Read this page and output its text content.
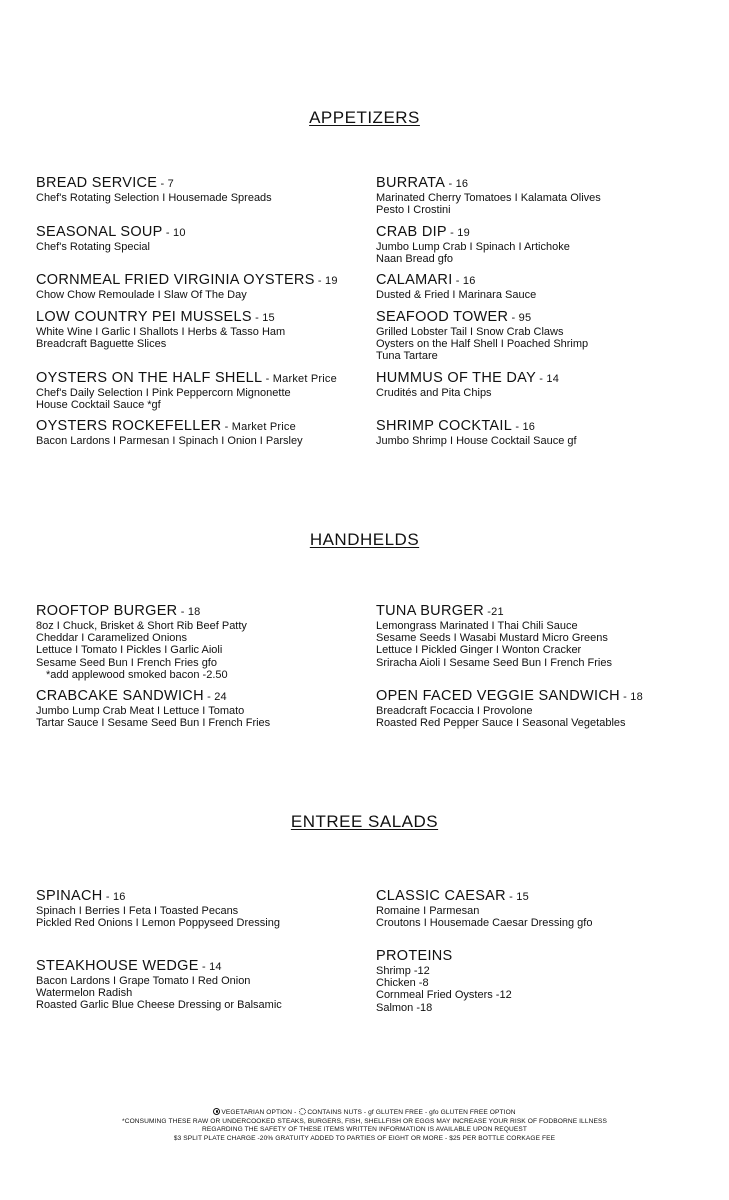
APPETIZERS
BREAD SERVICE - 7
Chef's Rotating Selection I Housemade Spreads
SEASONAL SOUP - 10
Chef's Rotating Special
CORNMEAL FRIED VIRGINIA OYSTERS - 19
Chow Chow Remoulade I Slaw Of The Day
LOW COUNTRY PEI MUSSELS - 15
White Wine I Garlic I Shallots I Herbs & Tasso Ham
Breadcraft Baguette Slices
OYSTERS ON THE HALF SHELL - Market Price
Chef's Daily Selection I Pink Peppercorn Mignonette
House Cocktail Sauce *gf
OYSTERS ROCKEFELLER - Market Price
Bacon Lardons I Parmesan I Spinach I Onion I Parsley
BURRATA - 16
Marinated Cherry Tomatoes I Kalamata Olives
Pesto I Crostini
CRAB DIP - 19
Jumbo Lump Crab I Spinach I Artichoke
Naan Bread gfo
CALAMARI - 16
Dusted & Fried I Marinara Sauce
SEAFOOD TOWER - 95
Grilled Lobster Tail I Snow Crab Claws
Oysters on the Half Shell I Poached Shrimp
Tuna Tartare
HUMMUS OF THE DAY - 14
Crudités and Pita Chips
SHRIMP COCKTAIL - 16
Jumbo Shrimp I House Cocktail Sauce gf
HANDHELDS
ROOFTOP BURGER - 18
8oz I Chuck, Brisket & Short Rib Beef Patty
Cheddar I Caramelized Onions
Lettuce I Tomato I Pickles I Garlic Aioli
Sesame Seed Bun I French Fries gfo
*add applewood smoked bacon -2.50
CRABCAKE SANDWICH - 24
Jumbo Lump Crab Meat I Lettuce I Tomato
Tartar Sauce I Sesame Seed Bun I French Fries
TUNA BURGER -21
Lemongrass Marinated I Thai Chili Sauce
Sesame Seeds I Wasabi Mustard Micro Greens
Lettuce I Pickled Ginger I Wonton Cracker
Sriracha Aioli I Sesame Seed Bun I French Fries
OPEN FACED VEGGIE SANDWICH - 18
Breadcraft Focaccia I Provolone
Roasted Red Pepper Sauce I Seasonal Vegetables
ENTREE SALADS
SPINACH - 16
Spinach I Berries I Feta I Toasted Pecans
Pickled Red Onions I Lemon Poppyseed Dressing
STEAKHOUSE WEDGE - 14
Bacon Lardons I Grape Tomato I Red Onion
Watermelon Radish
Roasted Garlic Blue Cheese Dressing or Balsamic
CLASSIC CAESAR - 15
Romaine I Parmesan
Croutons I Housemade Caesar Dressing gfo
PROTEINS
Shrimp -12
Chicken -8
Cornmeal Fried Oysters -12
Salmon -18
VEGETARIAN OPTION - CONTAINS NUTS - gf GLUTEN FREE - gfo GLUTEN FREE OPTION
*CONSUMING THESE RAW OR UNDERCOOKED STEAKS, BURGERS, FISH, SHELLFISH OR EGGS MAY INCREASE YOUR RISK OF FODBORNE ILLNESS
REGARDING THE SAFETY OF THESE ITEMS WRITTEN INFORMATION IS AVAILABLE UPON REQUEST
$3 SPLIT PLATE CHARGE -20% GRATUITY ADDED TO PARTIES OF EIGHT OR MORE - $25 PER BOTTLE CORKAGE FEE
